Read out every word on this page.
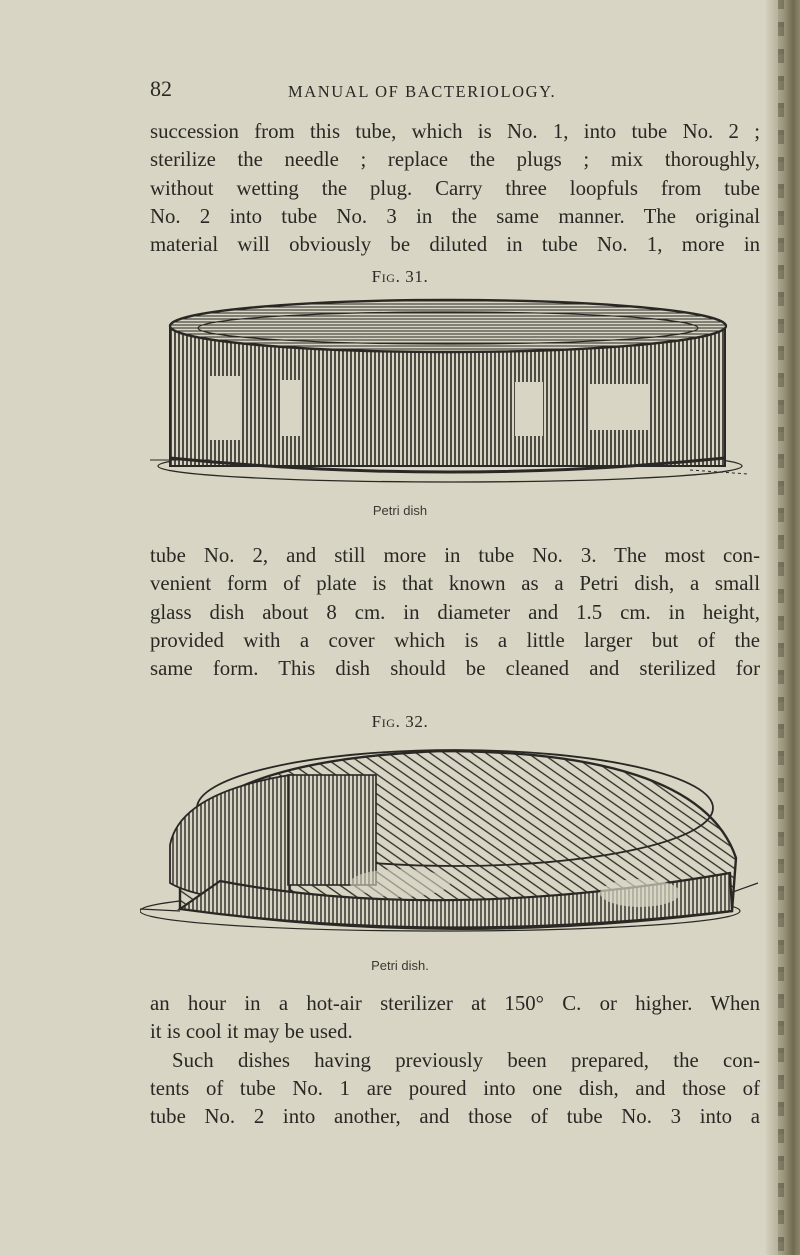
82	MANUAL OF BACTERIOLOGY.
succession from this tube, which is No. 1, into tube No. 2 ;
sterilize the needle ; replace the plugs ; mix thoroughly,
without wetting the plug. Carry three loopfuls from tube
No. 2 into tube No. 3 in the same manner. The original
material will obviously be diluted in tube No. 1, more in
Fig. 31.
Petri dish
tube No. 2, and still more in tube No. 3. The most con-
venient form of plate is that known as a Petri dish, a small
glass dish about 8 cm. in diameter and 1.5 cm. in height,
provided with a cover which is a little larger but of the
same form. This dish should be cleaned and sterilized for
Fig. 32.
Petri dish.
an hour in a hot-air sterilizer at 150° C. or higher. When
it is cool it may be used.
Such dishes having previously been prepared, the con-
tents of tube No. 1 are poured into one dish, and those of
tube No. 2 into another, and those of tube No. 3 into a
